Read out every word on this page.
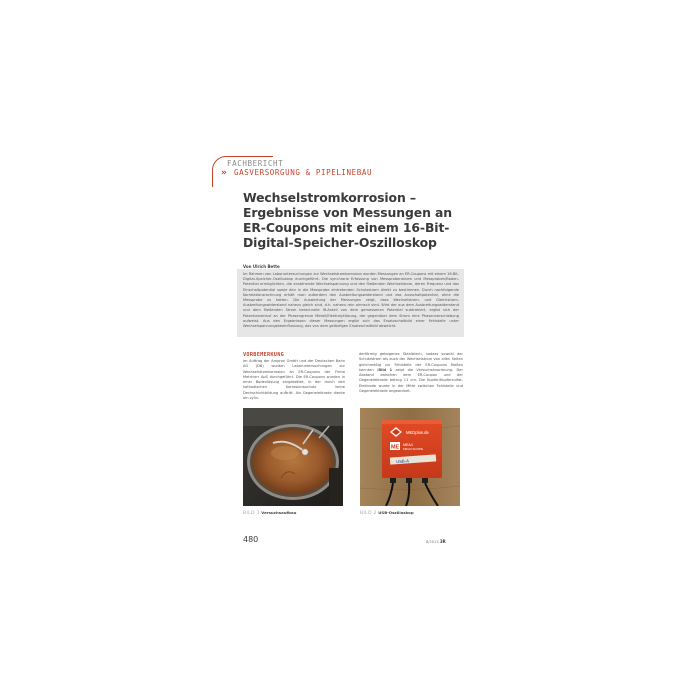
FACHBERICHT
» GASVERSORGUNG & PIPELINEBAU
Wechselstromkorrosion –
Ergebnisse von Messungen an
ER-Coupons mit einem 16-Bit-
Digital-Speicher-Oszilloskop
Von Ulrich Bette
Im Rahmen von Laboruntersuchungen zur Wechselstromkorrosion wurden Messungen an ER-Coupons mit einem 16-Bit-Digital-Speicher-Oszilloskop durchgeführt. Die synchrone Erfassung von Messprobenstrom und Messproben/Boden-Potential ermöglichten, die anstehende Wechselspannung und den fließenden Wechselstrom, deren Frequenz und das Einschaltpotential sowie den in die Messprobe eintretenden Schutzstrom direkt zu bestimmen. Durch nachfolgende Korrelationsrechnung erhält man außerdem den Ausbreitungswiderstand und das Ausschaltpotential, ohne die Messprobe zu takten. Die Auswertung der Messungen zeigt, dass Wechselstrom- und Gleichstrom-Ausbreitungswiderstand nahezu gleich sind, d.h. nahezu rein ohmsch sind. Wird der aus dem Ausbreitungswiderstand und dem fließenden Strom berechnete IR-Anteil von dem gemessenen Potential subtrahiert, ergibt sich der Potentialverlauf an der Phasengrenze Metall/Elektrolytlösung, der gegenüber dem Strom eine Phasenverschiebung aufweist. Aus den Ergebnissen dieser Messungen ergibt sich das Ersatzschaltbild einer Fehlstelle unter Wechselspannungsbeeinflussung, das von dem geläufigen Ersatzschaltbild abweicht.
VORBEMERKUNG
Im Auftrag der Ampron GmbH und der Deutschen Bahn AG (DB) wurden Laboruntersuchungen zur Wechselstromkorrosion an ER-Coupons der Firma Metricorr ApS durchgeführt. Die ER-Coupons wurden in einer Bodenlösung eingebettet, in der durch den kathodischen Korrosionsschutz keine Deckschichtbildung auftritt. Als Gegenelektrode diente ein zylin-
derförmig gebogenes Stahlblech, sodass sowohl der Schutzstrom als auch der Wechselstrom von allen Seiten gleichmäßig zur Fehlstelle der ER-Coupons fließen konnten (Bild 1 zeigt die Versuchsanordnung. Der Abstand zwischen dem ER-Coupon und der Gegenelektrode betrug 11 cm. Die Kupfer/Kupfersulfat-Elektrode wurde in der Mitte zwischen Fehlstelle und Gegenelektrode angeordnet.
MEDplus.de
ME MEA4
M6/A3 SCOPE
USB-A
BILD 1 Versuchsaufbau	BILD 2 USB-Oszilloskop
480	8/2013 3R
